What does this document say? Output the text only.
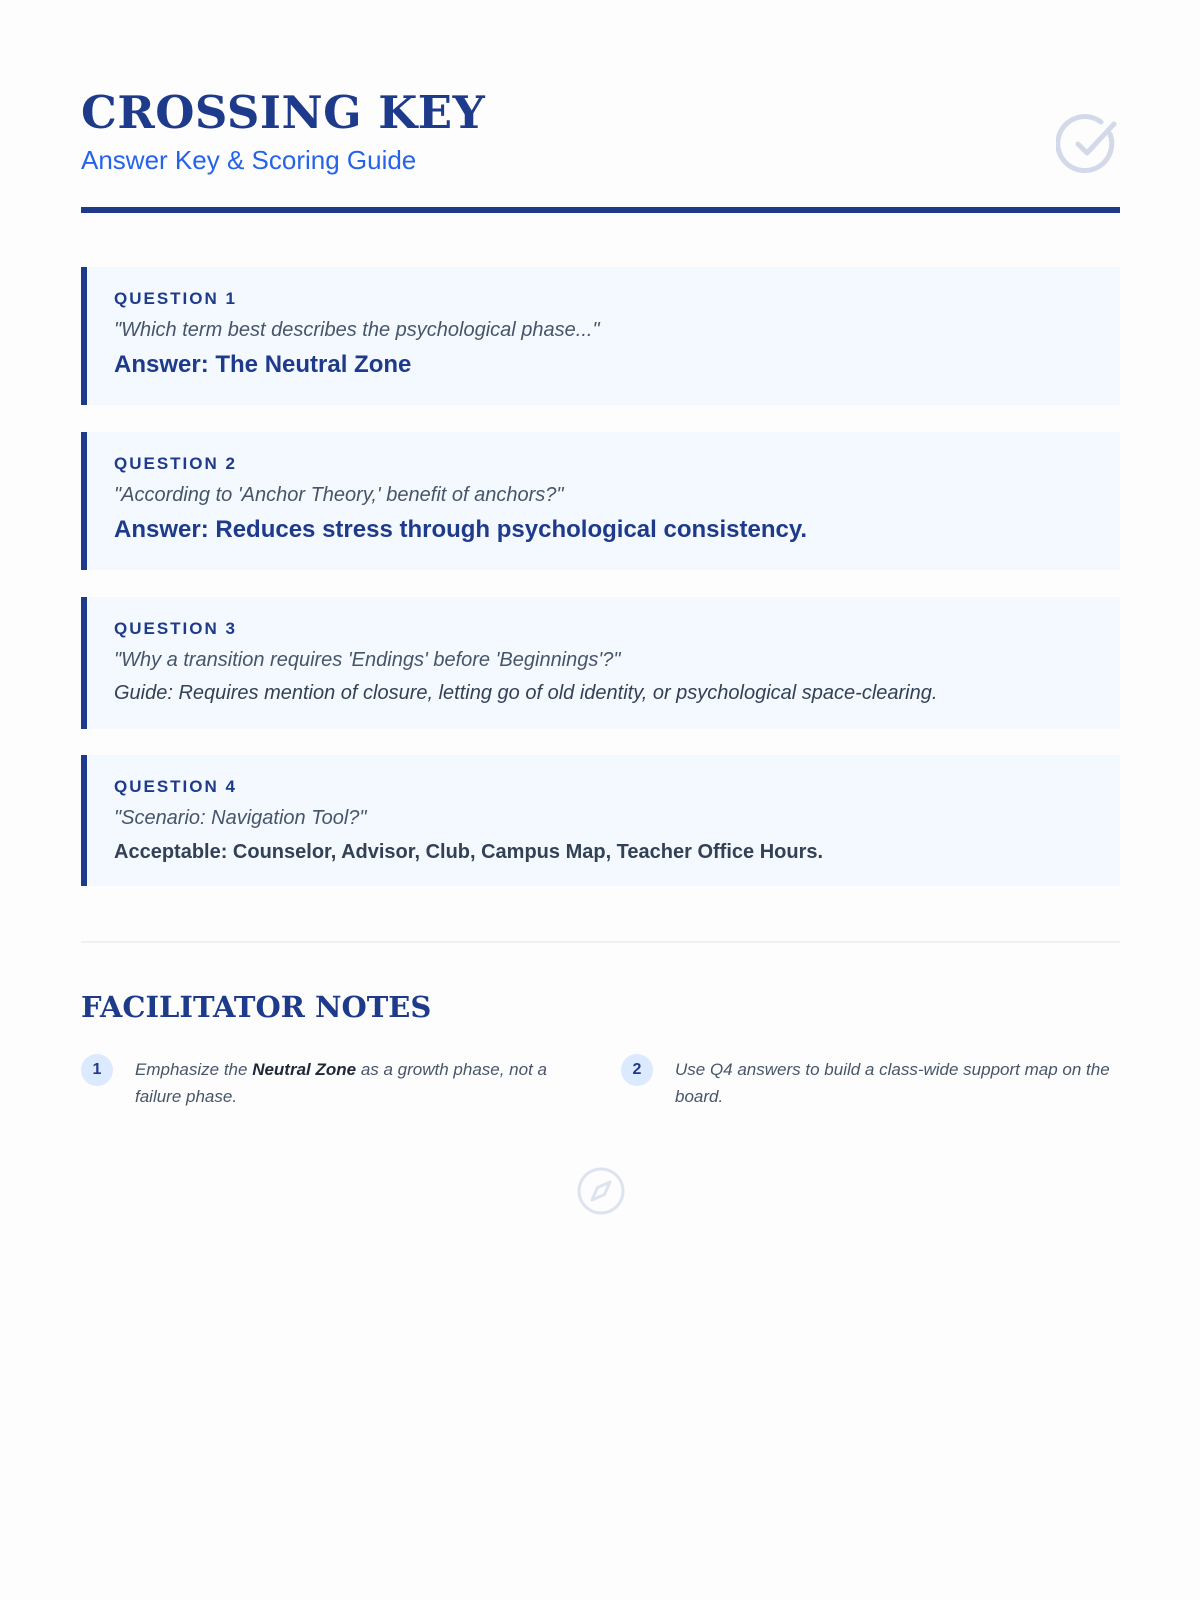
CROSSING KEY
Answer Key & Scoring Guide
QUESTION 1
"Which term best describes the psychological phase..."
Answer: The Neutral Zone
QUESTION 2
"According to 'Anchor Theory,' benefit of anchors?"
Answer: Reduces stress through psychological consistency.
QUESTION 3
"Why a transition requires 'Endings' before 'Beginnings'?"
Guide: Requires mention of closure, letting go of old identity, or psychological space-clearing.
QUESTION 4
"Scenario: Navigation Tool?"
Acceptable: Counselor, Advisor, Club, Campus Map, Teacher Office Hours.
FACILITATOR NOTES
1	Emphasize the Neutral Zone as a growth phase, not a failure phase.
2	Use Q4 answers to build a class-wide support map on the board.
